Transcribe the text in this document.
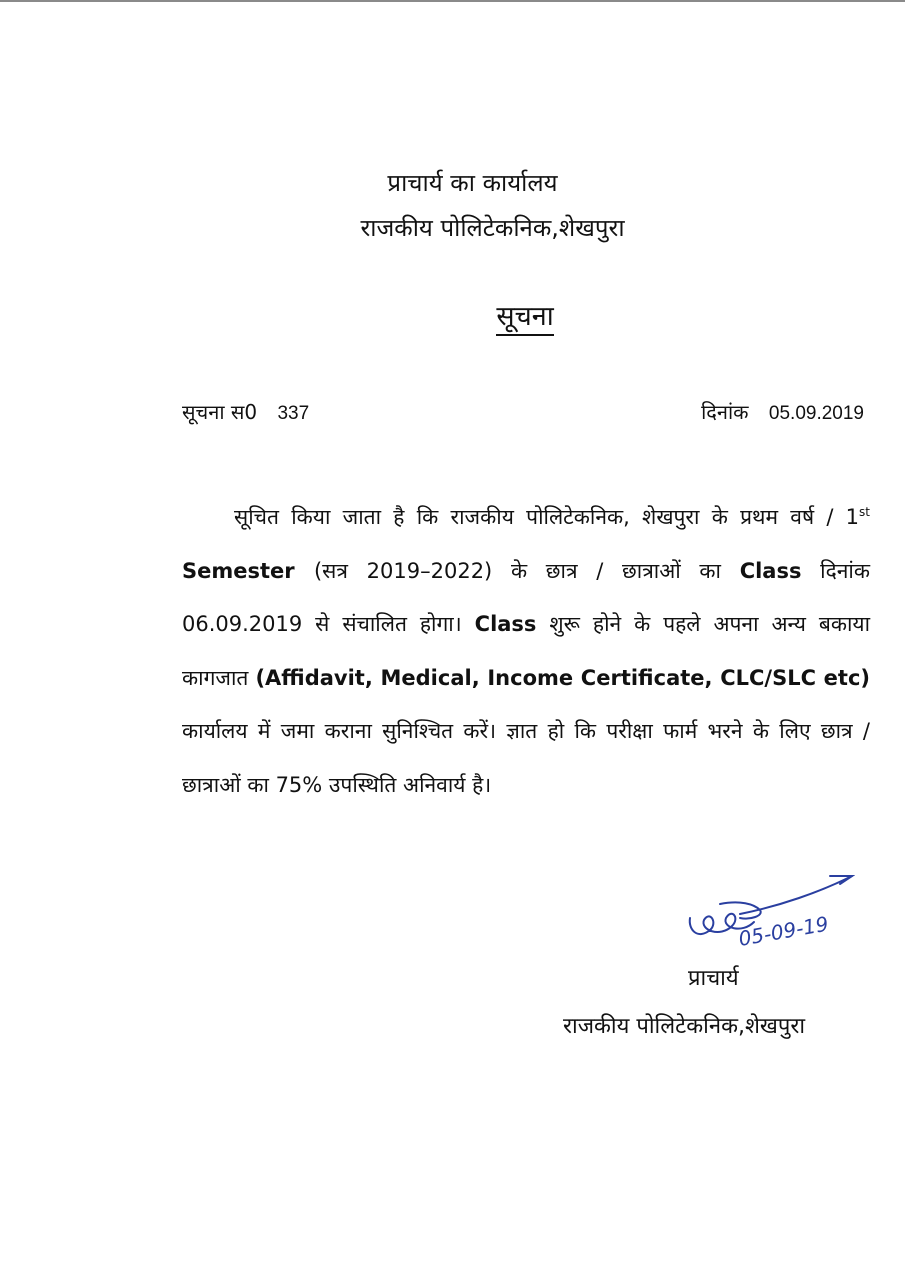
प्राचार्य का कार्यालय
राजकीय पोलिटेकनिक,शेखपुरा
सूचना
सूचना स0 337	दिनांक 05.09.2019

सूचित किया जाता है कि राजकीय पोलिटेकनिक, शेखपुरा के प्रथम वर्ष / 1st Semester (सत्र 2019–2022) के छात्र / छात्राओं का Class दिनांक 06.09.2019 से संचालित होगा। Class शुरू होने के पहले अपना अन्य बकाया कागजात (Affidavit, Medical, Income Certificate, CLC/SLC etc) कार्यालय में जमा कराना सुनिश्चित करें। ज्ञात हो कि परीक्षा फार्म भरने के लिए छात्र / छात्राओं का 75% उपस्थिति अनिवार्य है।

05-09-19
प्राचार्य
राजकीय पोलिटेकनिक,शेखपुरा
